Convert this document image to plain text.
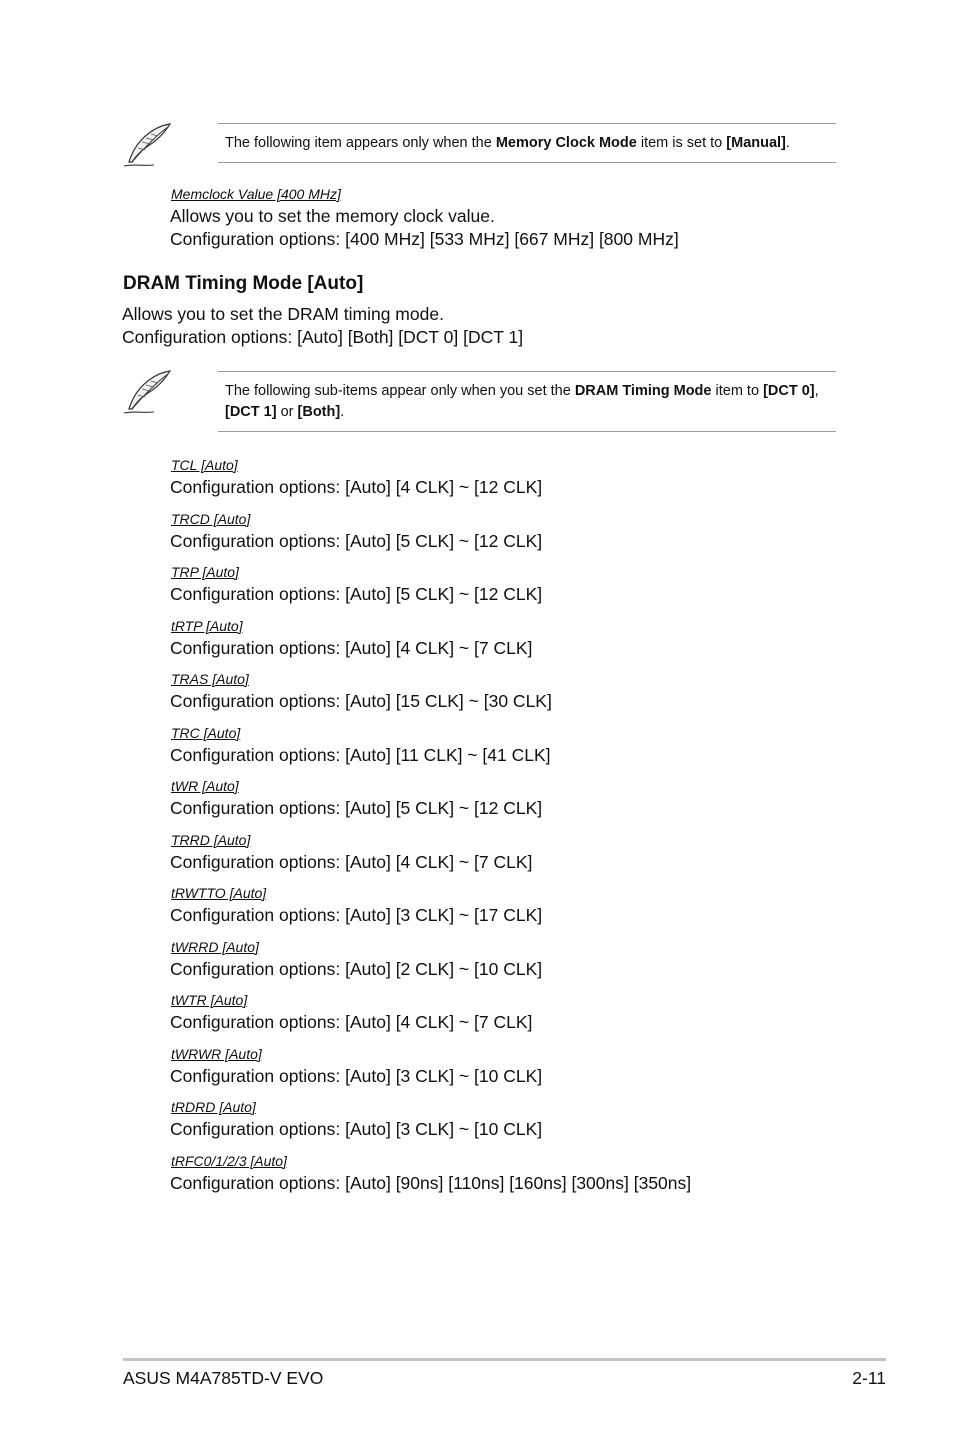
The following item appears only when the Memory Clock Mode item is set to [Manual].
Memclock Value [400 MHz]
Allows you to set the memory clock value.
Configuration options: [400 MHz] [533 MHz] [667 MHz] [800 MHz]
DRAM Timing Mode [Auto]
Allows you to set the DRAM timing mode.
Configuration options: [Auto] [Both] [DCT 0] [DCT 1]
The following sub-items appear only when you set the DRAM Timing Mode item to [DCT 0], [DCT 1] or [Both].
TCL [Auto]
Configuration options: [Auto] [4 CLK] ~ [12 CLK]
TRCD [Auto]
Configuration options: [Auto] [5 CLK] ~ [12 CLK]
TRP [Auto]
Configuration options: [Auto] [5 CLK] ~ [12 CLK]
tRTP [Auto]
Configuration options: [Auto] [4 CLK] ~ [7 CLK]
TRAS [Auto]
Configuration options: [Auto] [15 CLK] ~ [30 CLK]
TRC [Auto]
Configuration options: [Auto] [11 CLK] ~ [41 CLK]
tWR [Auto]
Configuration options: [Auto] [5 CLK] ~ [12 CLK]
TRRD [Auto]
Configuration options: [Auto] [4 CLK] ~ [7 CLK]
tRWTTO [Auto]
Configuration options: [Auto] [3 CLK] ~ [17 CLK]
tWRRD [Auto]
Configuration options: [Auto] [2 CLK] ~ [10 CLK]
tWTR [Auto]
Configuration options: [Auto] [4 CLK] ~ [7 CLK]
tWRWR [Auto]
Configuration options: [Auto] [3 CLK] ~ [10 CLK]
tRDRD [Auto]
Configuration options: [Auto] [3 CLK] ~ [10 CLK]
tRFC0/1/2/3 [Auto]
Configuration options: [Auto] [90ns] [110ns] [160ns] [300ns] [350ns]
ASUS M4A785TD-V EVO	2-11
